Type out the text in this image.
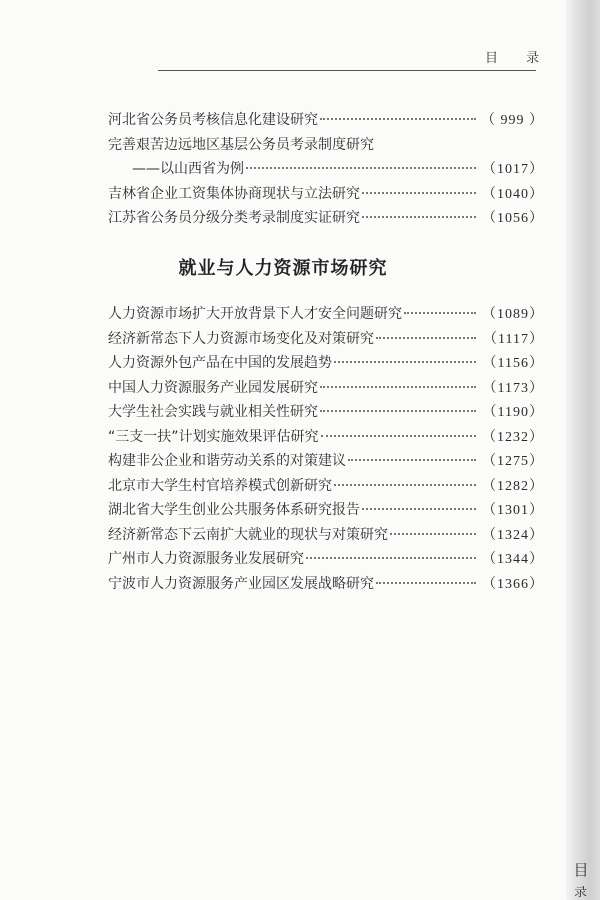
目 录
河北省公务员考核信息化建设研究	（ 999 ）
完善艰苦边远地区基层公务员考录制度研究
——以山西省为例	（1017）
吉林省企业工资集体协商现状与立法研究	（1040）
江苏省公务员分级分类考录制度实证研究	（1056）
就业与人力资源市场研究
人力资源市场扩大开放背景下人才安全问题研究	（1089）
经济新常态下人力资源市场变化及对策研究	（1117）
人力资源外包产品在中国的发展趋势	（1156）
中国人力资源服务产业园发展研究	（1173）
大学生社会实践与就业相关性研究	（1190）
“三支一扶”计划实施效果评估研究	（1232）
构建非公企业和谐劳动关系的对策建议	（1275）
北京市大学生村官培养模式创新研究	（1282）
湖北省大学生创业公共服务体系研究报告	（1301）
经济新常态下云南扩大就业的现状与对策研究	（1324）
广州市人力资源服务业发展研究	（1344）
宁波市人力资源服务产业园区发展战略研究	（1366）
目
录
